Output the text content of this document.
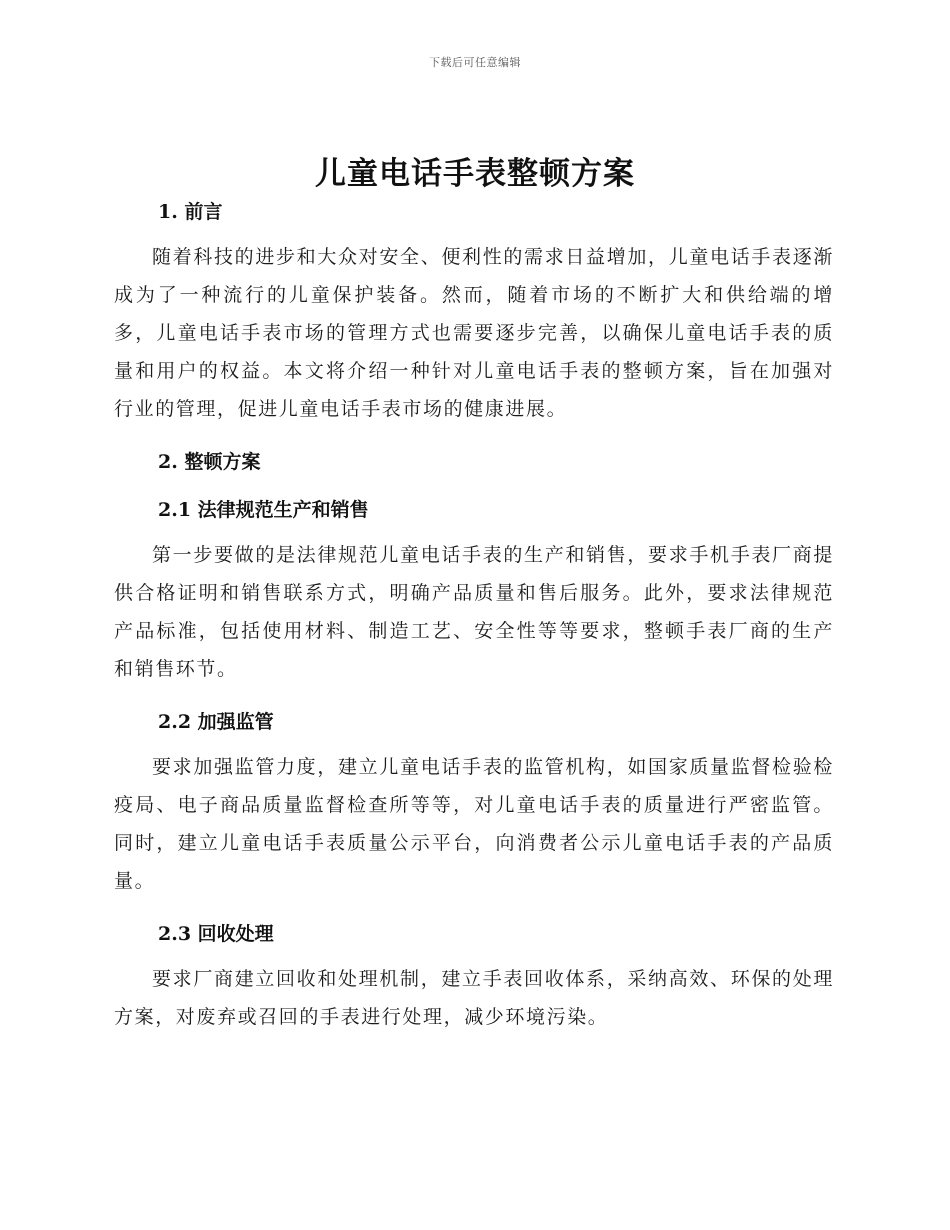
下载后可任意编辑
儿童电话手表整顿方案
1. 前言

随着科技的进步和大众对安全、便利性的需求日益增加，儿童电话手表逐渐成为了一种流行的儿童保护装备。然而，随着市场的不断扩大和供给端的增多，儿童电话手表市场的管理方式也需要逐步完善，以确保儿童电话手表的质量和用户的权益。本文将介绍一种针对儿童电话手表的整顿方案，旨在加强对行业的管理，促进儿童电话手表市场的健康进展。

2. 整顿方案
2.1 法律规范生产和销售

第一步要做的是法律规范儿童电话手表的生产和销售，要求手机手表厂商提供合格证明和销售联系方式，明确产品质量和售后服务。此外，要求法律规范产品标准，包括使用材料、制造工艺、安全性等等要求，整顿手表厂商的生产和销售环节。

2.2 加强监管

要求加强监管力度，建立儿童电话手表的监管机构，如国家质量监督检验检疫局、电子商品质量监督检查所等等，对儿童电话手表的质量进行严密监管。同时，建立儿童电话手表质量公示平台，向消费者公示儿童电话手表的产品质量。

2.3 回收处理

要求厂商建立回收和处理机制，建立手表回收体系，采纳高效、环保的处理方案，对废弃或召回的手表进行处理，减少环境污染。
